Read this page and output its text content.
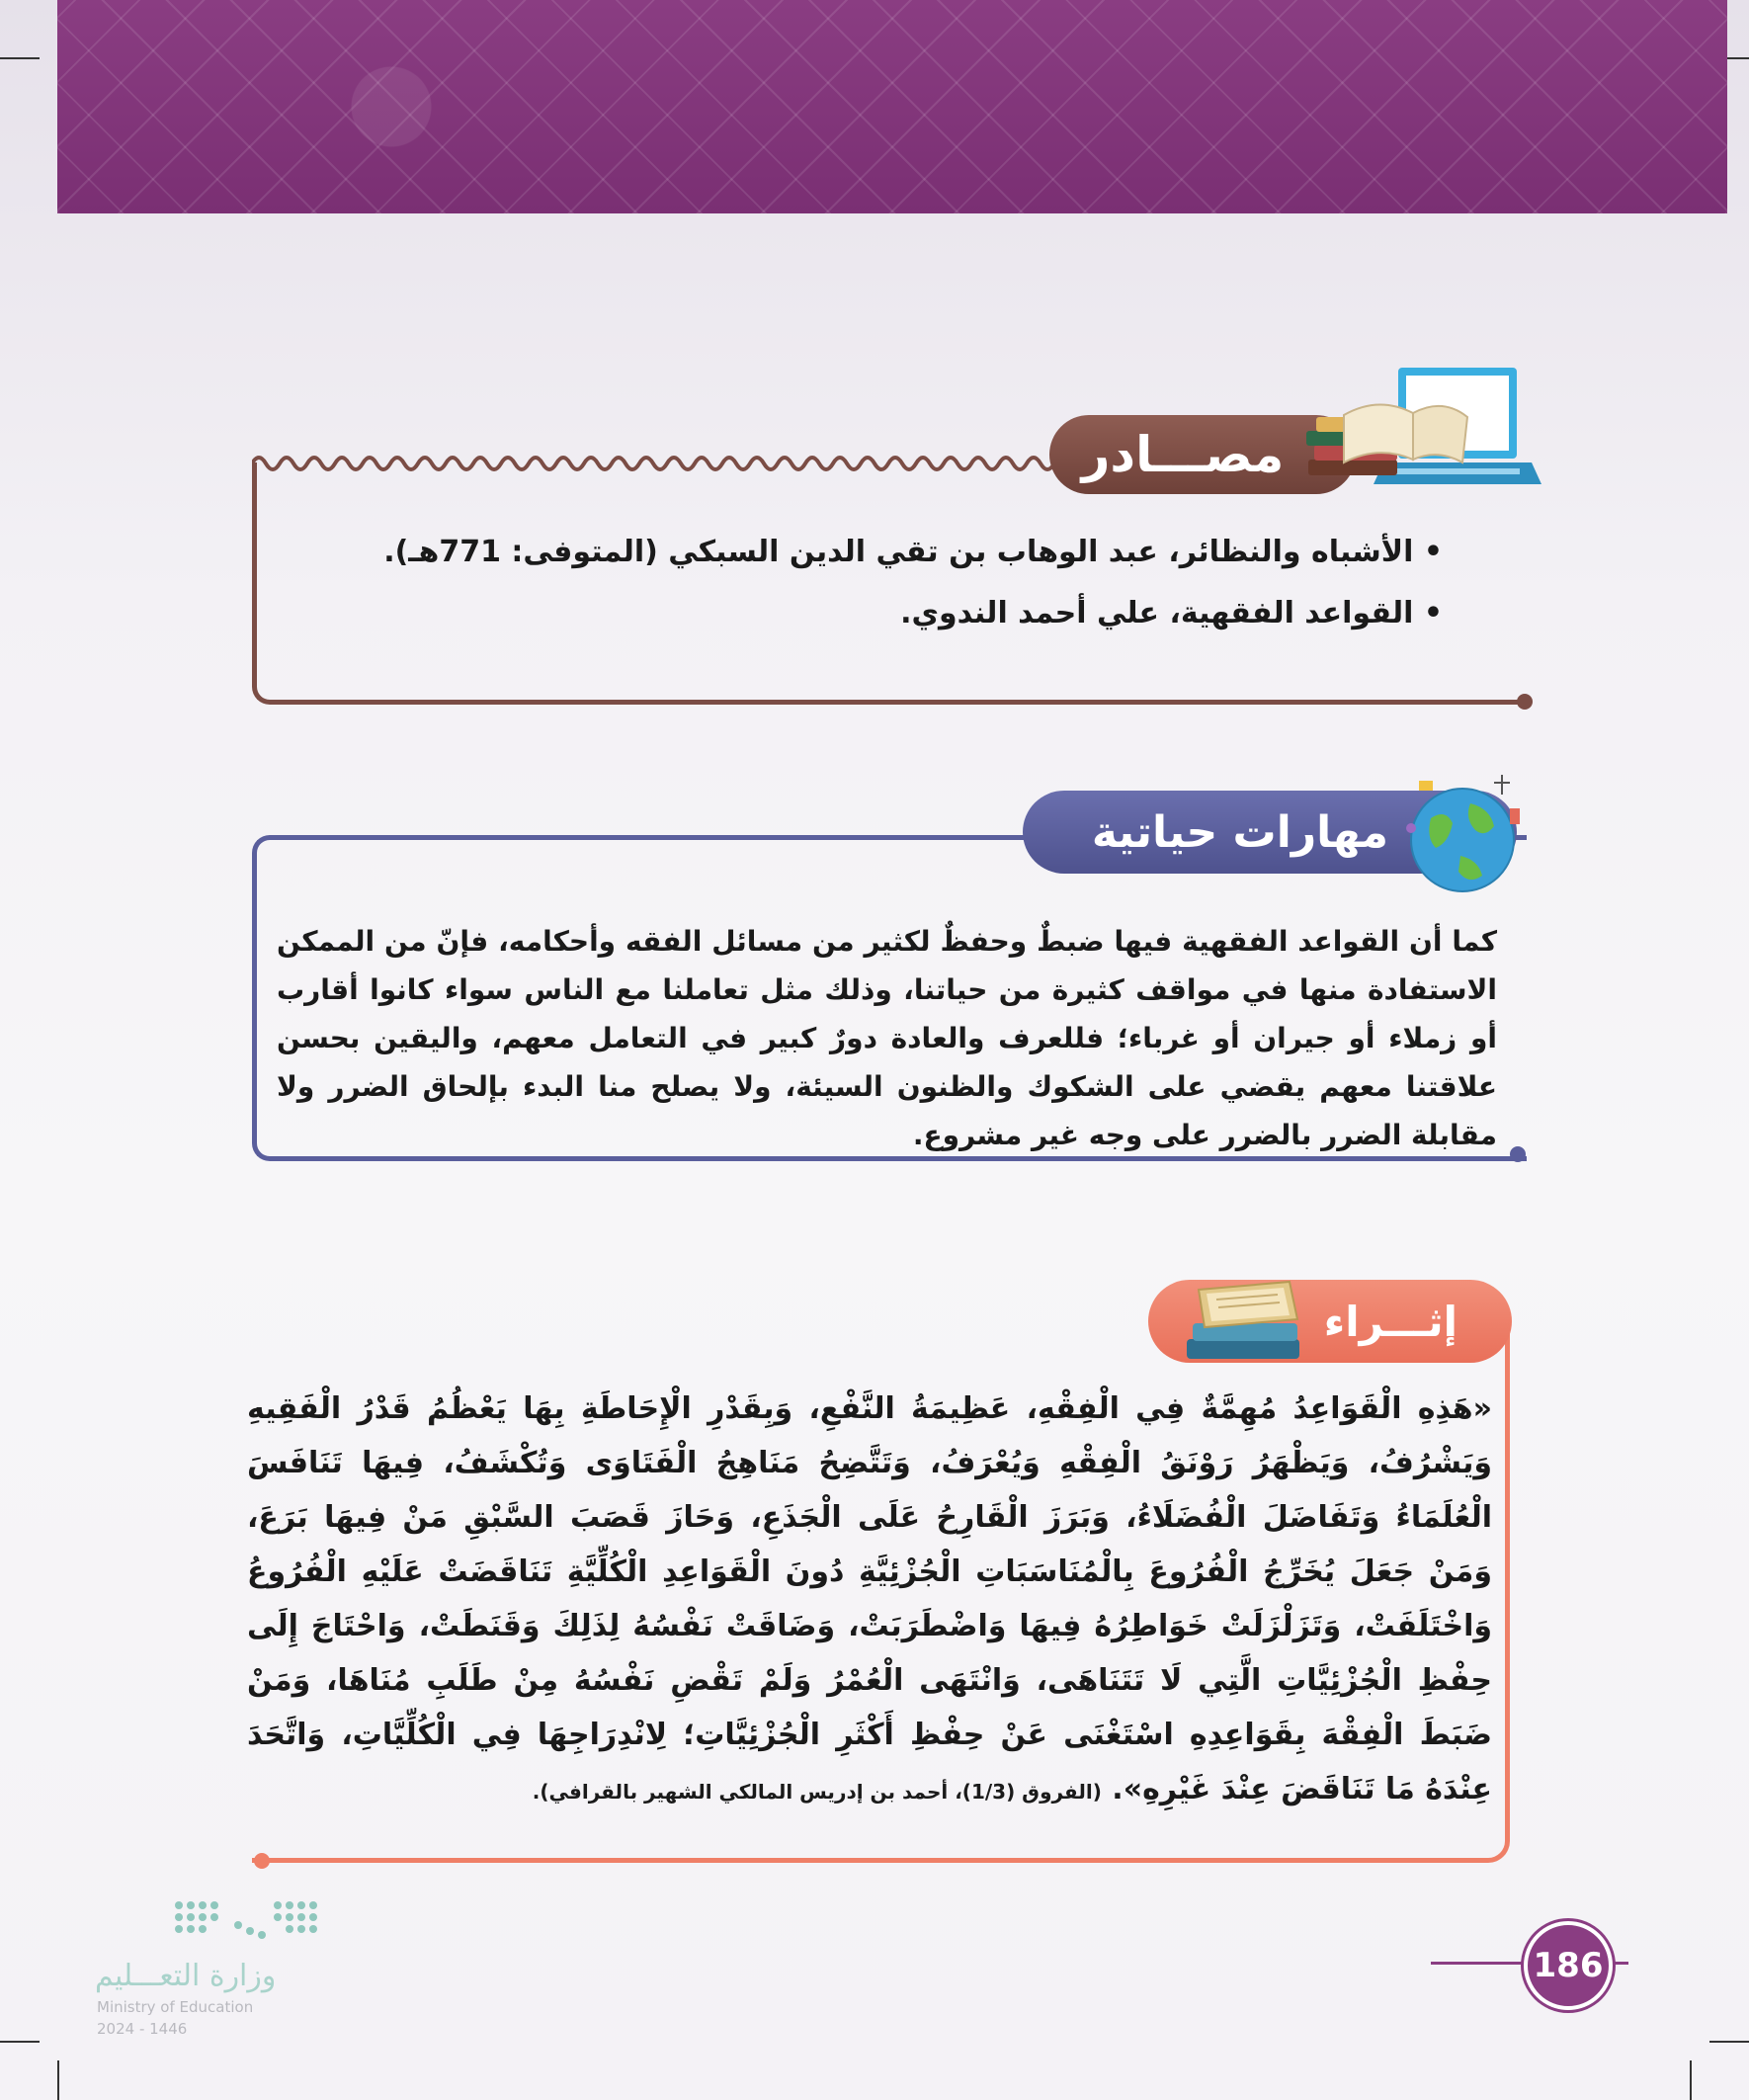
مصـــادر
• الأشباه والنظائر، عبد الوهاب بن تقي الدين السبكي (المتوفى: 771هـ).
• القواعد الفقهية، علي أحمد الندوي.
مهارات حياتية
كما أن القواعد الفقهية فيها ضبطٌ وحفظٌ لكثير من مسائل الفقه وأحكامه، فإنّ من الممكن الاستفادة منها في مواقف كثيرة من حياتنا، وذلك مثل تعاملنا مع الناس سواء كانوا أقارب أو زملاء أو جيران أو غرباء؛ فللعرف والعادة دورٌ كبير في التعامل معهم، واليقين بحسن علاقتنا معهم يقضي على الشكوك والظنون السيئة، ولا يصلح منا البدء بإلحاق الضرر ولا مقابلة الضرر بالضرر على وجه غير مشروع.
إثـــراء
«هَذِهِ الْقَوَاعِدُ مُهِمَّةٌ فِي الْفِقْهِ، عَظِيمَةُ النَّفْعِ، وَبِقَدْرِ الْإِحَاطَةِ بِهَا يَعْظُمُ قَدْرُ الْفَقِيهِ وَيَشْرُفُ، وَيَظْهَرُ رَوْنَقُ الْفِقْهِ وَيُعْرَفُ، وَتَتَّضِحُ مَنَاهِجُ الْفَتَاوَى وَتُكْشَفُ، فِيهَا تَنَافَسَ الْعُلَمَاءُ وَتَفَاضَلَ الْفُضَلَاءُ، وَبَرَزَ الْقَارِحُ عَلَى الْجَذَعِ، وَحَازَ قَصَبَ السَّبْقِ مَنْ فِيهَا بَرَعَ، وَمَنْ جَعَلَ يُخَرِّجُ الْفُرُوعَ بِالْمُنَاسَبَاتِ الْجُزْئِيَّةِ دُونَ الْقَوَاعِدِ الْكُلِّيَّةِ تَنَاقَضَتْ عَلَيْهِ الْفُرُوعُ وَاخْتَلَفَتْ، وَتَزَلْزَلَتْ خَوَاطِرُهُ فِيهَا وَاضْطَرَبَتْ، وَضَاقَتْ نَفْسُهُ لِذَلِكَ وَقَنَطَتْ، وَاحْتَاجَ إِلَى حِفْظِ الْجُزْئِيَّاتِ الَّتِي لَا تَتَنَاهَى، وَانْتَهَى الْعُمْرُ وَلَمْ تَقْضِ نَفْسُهُ مِنْ طَلَبِ مُنَاهَا، وَمَنْ ضَبَطَ الْفِقْهَ بِقَوَاعِدِهِ اسْتَغْنَى عَنْ حِفْظِ أَكْثَرِ الْجُزْئِيَّاتِ؛ لِانْدِرَاجِهَا فِي الْكُلِّيَّاتِ، وَاتَّحَدَ عِنْدَهُ مَا تَنَاقَضَ عِنْدَ غَيْرِهِ». (الفروق (1/3)، أحمد بن إدريس المالكي الشهير بالقرافي).
186
وزارة التعـــليم
Ministry of Education
2024 - 1446
